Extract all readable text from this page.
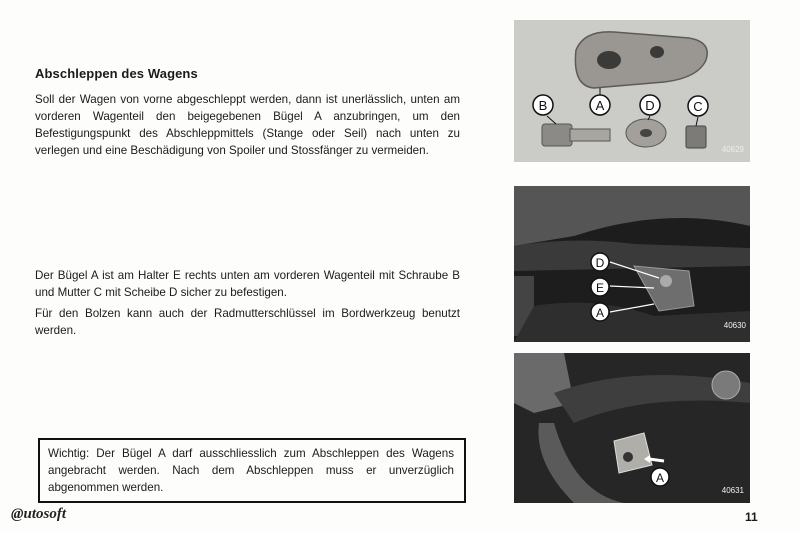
Abschleppen des Wagens
Soll der Wagen von vorne abgeschleppt werden, dann ist unerlässlich, unten am vorderen Wagenteil den beigegebenen Bügel A anzubringen, um den Befestigungspunkt des Abschleppmittels (Stange oder Seil) nach unten zu verlegen und eine Beschädigung von Spoiler und Stossfänger zu vermeiden.
Der Bügel A ist am Halter E rechts unten am vorderen Wagenteil mit Schraube B und Mutter C mit Scheibe D sicher zu befestigen.
Für den Bolzen kann auch der Radmutterschlüssel im Bordwerkzeug benutzt werden.
Wichtig: Der Bügel A darf ausschliesslich zum Abschleppen des Wagens angebracht werden. Nach dem Abschleppen muss er unverzüglich abgenommen werden.
B	A	D	C
40629
D
E
A
40630
A
40631
@utosoft	11
